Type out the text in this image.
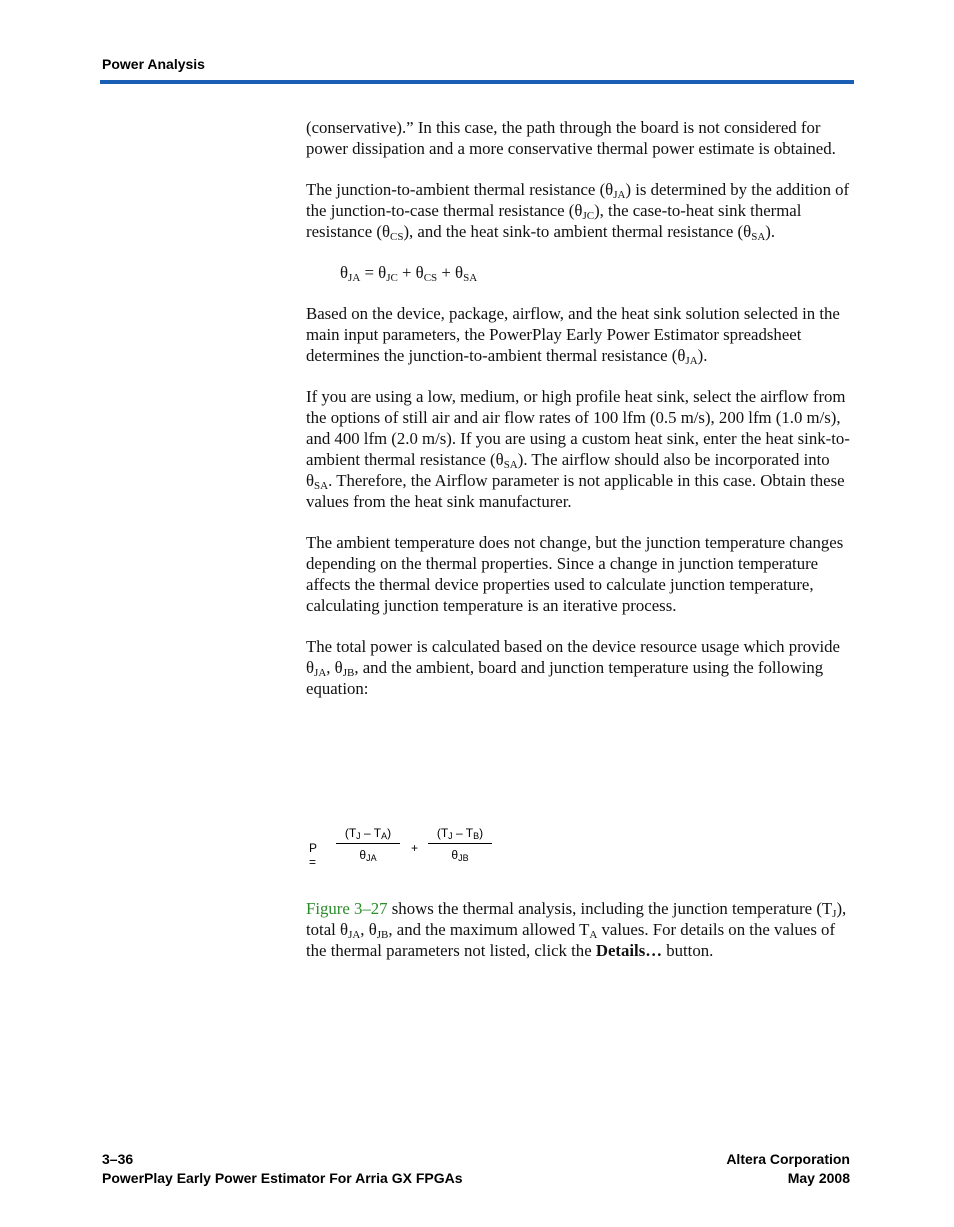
Power Analysis

(conservative).” In this case, the path through the board is not considered for power dissipation and a more conservative thermal power estimate is obtained.

The junction-to-ambient thermal resistance $(\theta_{JA})$ is determined by the addition of the junction-to-case thermal resistance $(\theta_{JC})$, the case-to-heat sink thermal resistance $(\theta_{CS})$, and the heat sink-to ambient thermal resistance $(\theta_{SA})$.

$\theta_{JA} = \theta_{JC} + \theta_{CS} + \theta_{SA}$

Based on the device, package, airflow, and the heat sink solution selected in the main input parameters, the PowerPlay Early Power Estimator spreadsheet determines the junction-to-ambient thermal resistance $(\theta_{JA})$.

If you are using a low, medium, or high profile heat sink, select the airflow from the options of still air and air flow rates of 100 lfm (0.5 m/s), 200 lfm (1.0 m/s), and 400 lfm (2.0 m/s). If you are using a custom heat sink, enter the heat sink-to-ambient thermal resistance $(\theta_{SA})$. The airflow should also be incorporated into $\theta_{SA}$. Therefore, the Airflow parameter is not applicable in this case. Obtain these values from the heat sink manufacturer.

The ambient temperature does not change, but the junction temperature changes depending on the thermal properties. Since a change in junction temperature affects the thermal device properties used to calculate junction temperature, calculating junction temperature is an iterative process.

The total power is calculated based on the device resource usage which provide $\theta_{JA}$, $\theta_{JB}$, and the ambient, board and junction temperature using the following equation:

P =
$(T_J - T_A)$
$\theta_{JA}$
+
$(T_J - T_B)$
$\theta_{JB}$

Figure 3–27 shows the thermal analysis, including the junction temperature $(T_J)$, total $\theta_{JA}$, $\theta_{JB}$, and the maximum allowed $T_A$ values. For details on the values of the thermal parameters not listed, click the Details… button.

3–36
PowerPlay Early Power Estimator For Arria GX FPGAs
Altera Corporation
May 2008
